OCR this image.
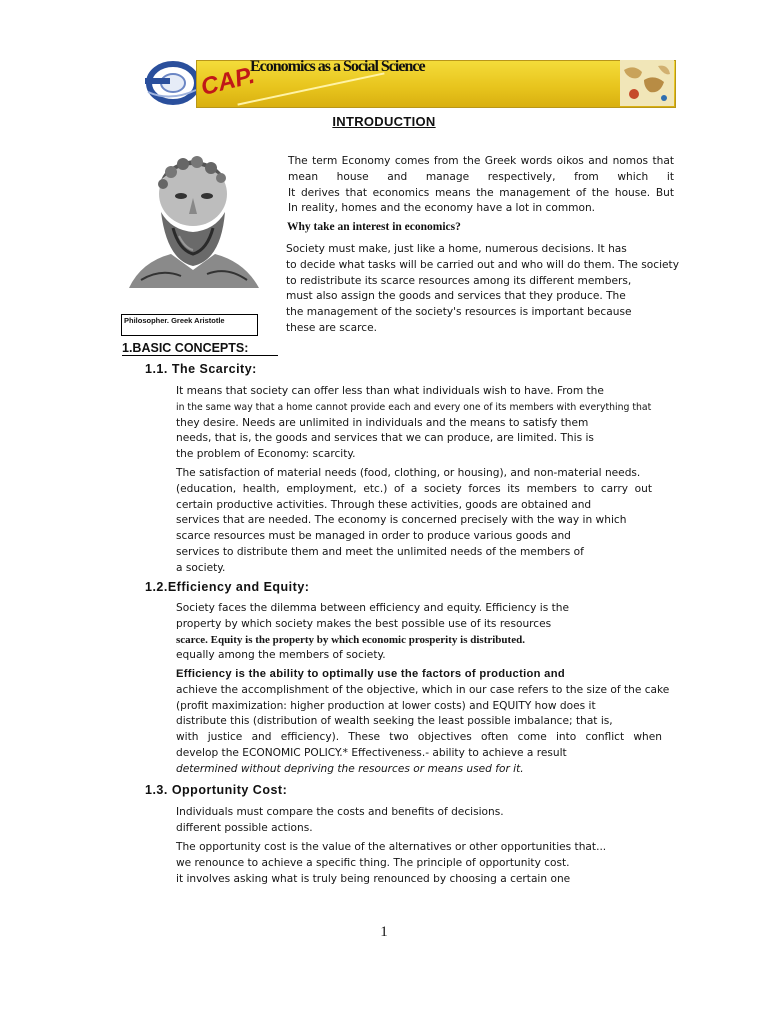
CAP.
Economics as a Social Science
INTRODUCTION
Philosopher. Greek Aristotle
The term Economy comes from the Greek words oikos and nomos that
mean house and manage respectively, from which it
It derives that economics means the management of the house. But
In reality, homes and the economy have a lot in common.
Why take an interest in economics?
Society must make, just like a home, numerous decisions. It has
to decide what tasks will be carried out and who will do them. The society
to redistribute its scarce resources among its different members,
must also assign the goods and services that they produce. The
the management of the society's resources is important because
these are scarce.
1.BASIC CONCEPTS:
1.1. The Scarcity:
It means that society can offer less than what individuals wish to have. From the
in the same way that a home cannot provide each and every one of its members with everything that
they desire. Needs are unlimited in individuals and the means to satisfy them
needs, that is, the goods and services that we can produce, are limited. This is
the problem of Economy: scarcity.
The satisfaction of material needs (food, clothing, or housing), and non-material needs.
(education, health, employment, etc.) of a society forces its members to carry out
certain productive activities. Through these activities, goods are obtained and
services that are needed. The economy is concerned precisely with the way in which
scarce resources must be managed in order to produce various goods and
services to distribute them and meet the unlimited needs of the members of
a society.
1.2.Efficiency and Equity:
Society faces the dilemma between efficiency and equity. Efficiency is the
property by which society makes the best possible use of its resources
scarce. Equity is the property by which economic prosperity is distributed.
equally among the members of society.
Efficiency is the ability to optimally use the factors of production and
achieve the accomplishment of the objective, which in our case refers to the size of the cake
(profit maximization: higher production at lower costs) and EQUITY how does it
distribute this (distribution of wealth seeking the least possible imbalance; that is,
with justice and efficiency). These two objectives often come into conflict when
develop the ECONOMIC POLICY.* Effectiveness.- ability to achieve a result
determined without depriving the resources or means used for it.
1.3. Opportunity Cost:
Individuals must compare the costs and benefits of decisions.
different possible actions.
The opportunity cost is the value of the alternatives or other opportunities that...
we renounce to achieve a specific thing. The principle of opportunity cost.
it involves asking what is truly being renounced by choosing a certain one
1
